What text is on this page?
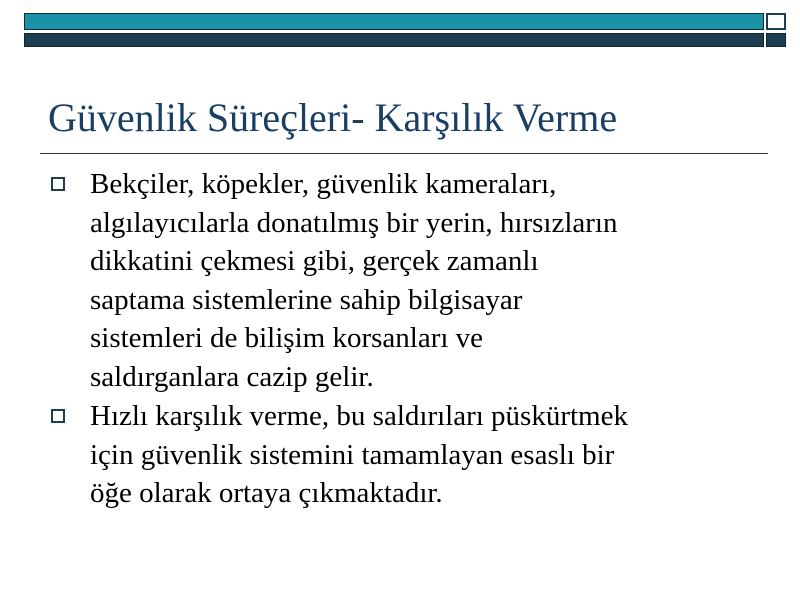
Güvenlik Süreçleri- Karşılık Verme
Bekçiler, köpekler, güvenlik kameraları,
algılayıcılarla donatılmış bir yerin, hırsızların
dikkatini çekmesi gibi, gerçek zamanlı
saptama sistemlerine sahip bilgisayar
sistemleri de bilişim korsanları ve
saldırganlara cazip gelir.
Hızlı karşılık verme, bu saldırıları püskürtmek
için güvenlik sistemini tamamlayan esaslı bir
öğe olarak ortaya çıkmaktadır.
